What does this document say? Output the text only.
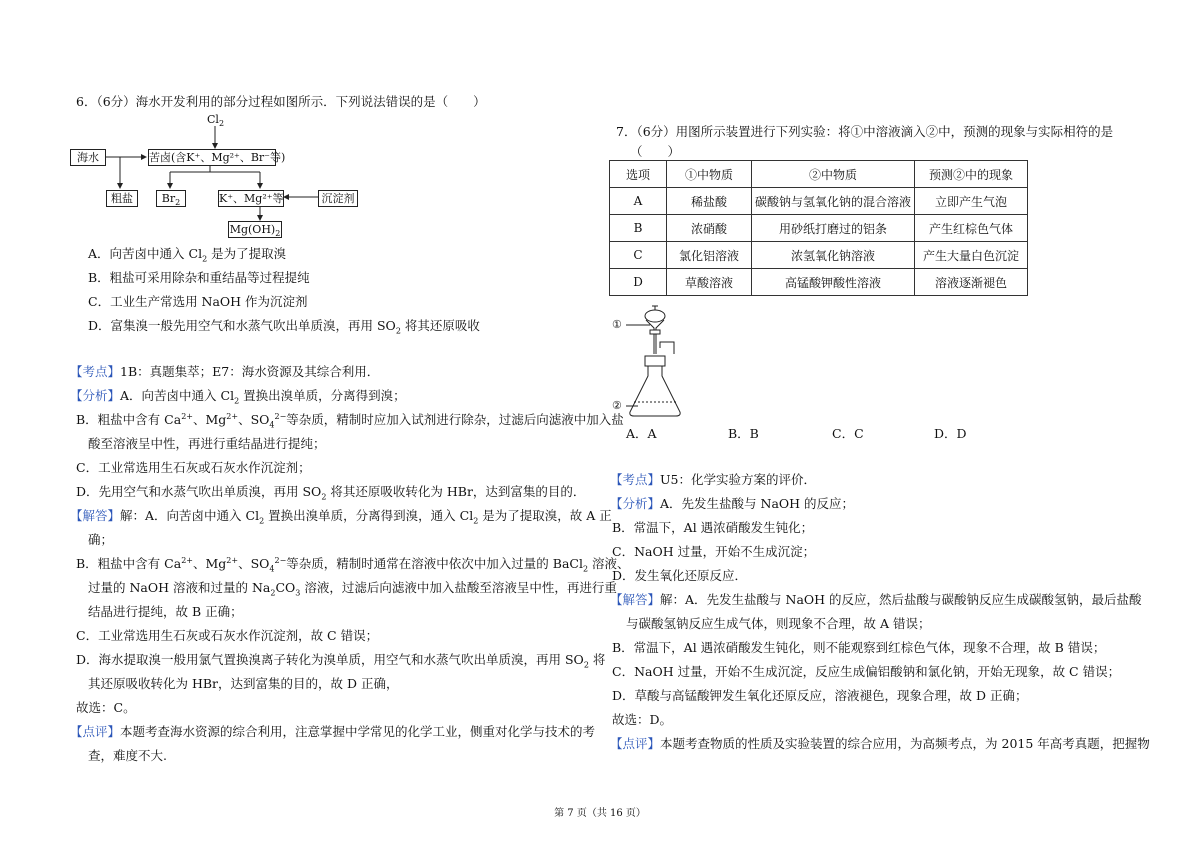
6．（6分）海水开发利用的部分过程如图所示．下列说法错误的是（　　）
$Cl_2$
海水	苦卤(含K⁺、Mg²⁺、Br⁻等)
粗盐	$Br_2$	K⁺、Mg²⁺等	沉淀剂
$Mg(OH)_2$
A．向苦卤中通入 $Cl_2$ 是为了提取溴
B．粗盐可采用除杂和重结晶等过程提纯
C．工业生产常选用 NaOH 作为沉淀剂
D．富集溴一般先用空气和水蒸气吹出单质溴，再用 $SO_2$ 将其还原吸收
【考点】1B：真题集萃；E7：海水资源及其综合利用．
【分析】A．向苦卤中通入 $Cl_2$ 置换出溴单质，分离得到溴；
B．粗盐中含有 $Ca^{2+}$、$Mg^{2+}$、$SO_4^{2-}$等杂质，精制时应加入试剂进行除杂，过滤后向滤液中加入盐
酸至溶液呈中性，再进行重结晶进行提纯；
C．工业常选用生石灰或石灰水作沉淀剂；
D．先用空气和水蒸气吹出单质溴，再用 $SO_2$ 将其还原吸收转化为 HBr，达到富集的目的．
【解答】解：A．向苦卤中通入 $Cl_2$ 置换出溴单质，分离得到溴，通入 $Cl_2$ 是为了提取溴，故 A 正
确；
B．粗盐中含有 $Ca^{2+}$、$Mg^{2+}$、$SO_4^{2-}$等杂质，精制时通常在溶液中依次中加入过量的 BaCl$_2$ 溶液、
过量的 NaOH 溶液和过量的 $Na_2CO_3$ 溶液，过滤后向滤液中加入盐酸至溶液呈中性，再进行重
结晶进行提纯，故 B 正确；
C．工业常选用生石灰或石灰水作沉淀剂，故 C 错误；
D．海水提取溴一般用氯气置换溴离子转化为溴单质，用空气和水蒸气吹出单质溴，再用 $SO_2$ 将
其还原吸收转化为 HBr，达到富集的目的，故 D 正确，
故选：C。
【点评】本题考查海水资源的综合利用，注意掌握中学常见的化学工业，侧重对化学与技术的考
查，难度不大.
7．（6分）用图所示装置进行下列实验：将①中溶液滴入②中，预测的现象与实际相符的是
（　　）
选项	①中物质	②中物质	预测②中的现象
A	稀盐酸	碳酸钠与氢氧化钠的混合溶液	立即产生气泡
B	浓硝酸	用砂纸打磨过的铝条	产生红棕色气体
C	氯化铝溶液	浓氢氧化钠溶液	产生大量白色沉淀
D	草酸溶液	高锰酸钾酸性溶液	溶液逐渐褪色
①
②
A．A	B．B	C．C	D．D
【考点】U5：化学实验方案的评价．
【分析】A．先发生盐酸与 NaOH 的反应；
B．常温下，Al 遇浓硝酸发生钝化；
C．NaOH 过量，开始不生成沉淀；
D．发生氧化还原反应．
【解答】解：A．先发生盐酸与 NaOH 的反应，然后盐酸与碳酸钠反应生成碳酸氢钠，最后盐酸
与碳酸氢钠反应生成气体，则现象不合理，故 A 错误；
B．常温下，Al 遇浓硝酸发生钝化，则不能观察到红棕色气体，现象不合理，故 B 错误；
C．NaOH 过量，开始不生成沉淀，反应生成偏铝酸钠和氯化钠，开始无现象，故 C 错误；
D．草酸与高锰酸钾发生氧化还原反应，溶液褪色，现象合理，故 D 正确；
故选：D。
【点评】本题考查物质的性质及实验装置的综合应用，为高频考点，为 2015 年高考真题，把握物
第 7 页（共 16 页）
